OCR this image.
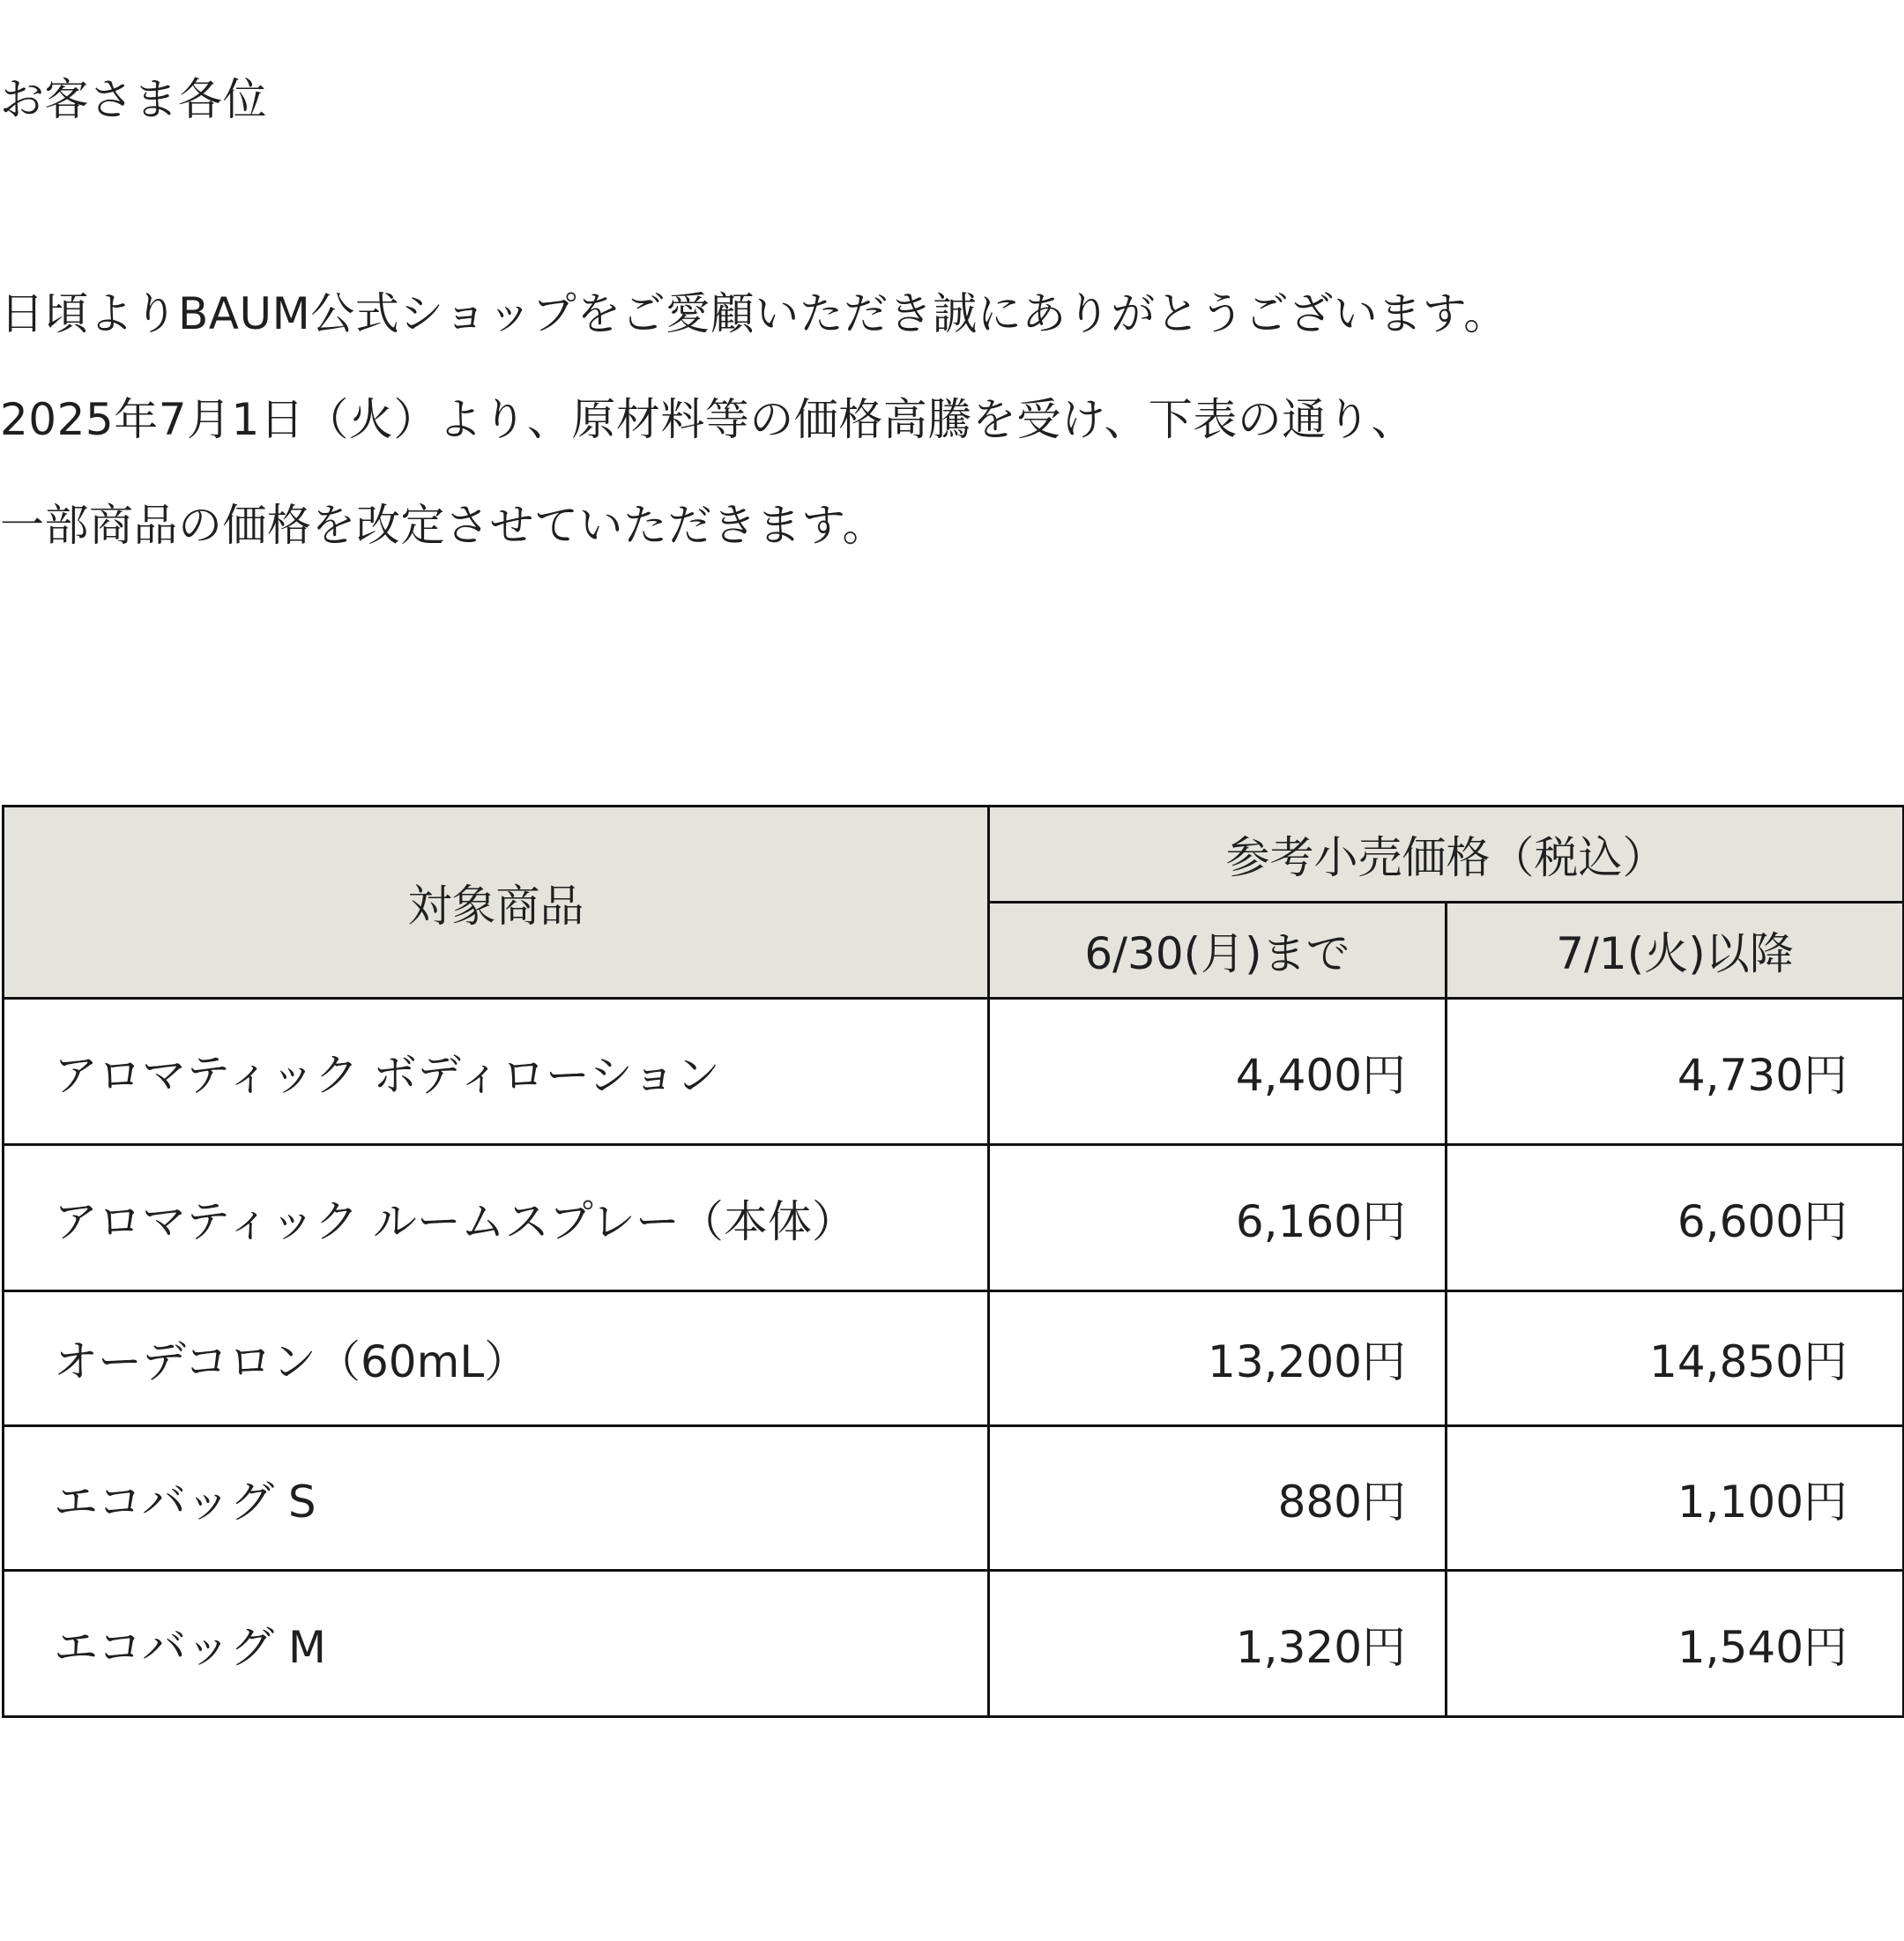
お客さま各位

日頃よりBAUM公式ショップをご愛顧いただき誠にありがとうございます。

2025年7月1日（火）より、原材料等の価格高騰を受け、下表の通り、

一部商品の価格を改定させていただきます。

対象商品	参考小売価格（税込）	
	6/30(月)まで	7/1(火)以降
アロマティック ボディローション	4,400円	4,730円
アロマティック ルームスプレー（本体）	6,160円	6,600円
オーデコロン（60mL）	13,200円	14,850円
エコバッグ S	880円	1,100円
エコバッグ M	1,320円	1,540円
